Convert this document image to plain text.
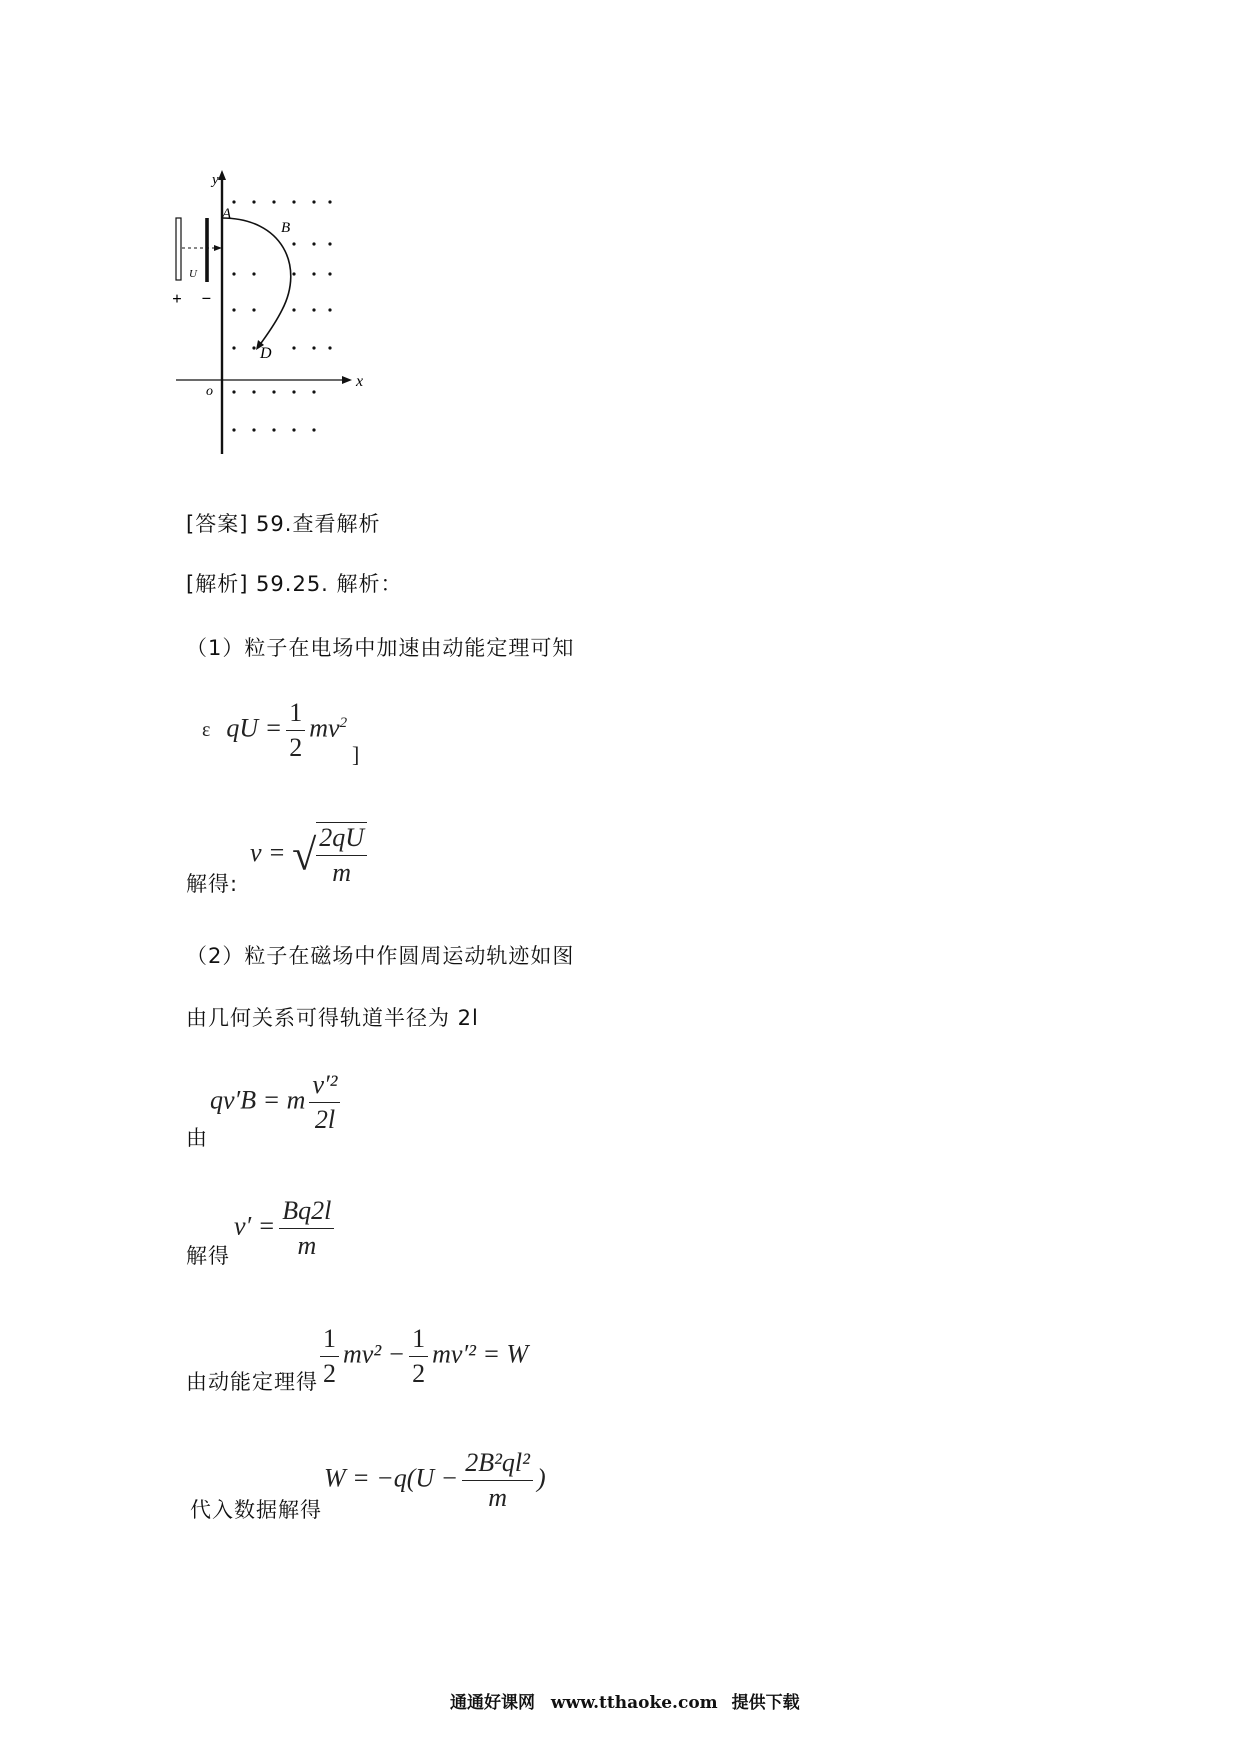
y
x
o
U
+ −
A
B
D
[答案] 59.查看解析
[解析] 59.25. 解析：
（1）粒子在电场中加速由动能定理可知
ε qU = $\frac{1}{2} mv^2$
]
解得:
v = √ $\frac{2qU}{m}$
（2）粒子在磁场中作圆周运动轨迹如图
由几何关系可得轨道半径为 2l
由
qv′B = m $\frac{\text{v′²}}{2l}$
解得
$v' = \frac{Bq2l}{m}$
由动能定理得 $\frac{1}{2} mv^2 - \frac{1}{2} mv'^2 = W$
代入数据解得
$W = -q(U - \frac{\text{2B²ql²}}{m}$ )
通通好课网 www.tthaoke.com 提供下载
